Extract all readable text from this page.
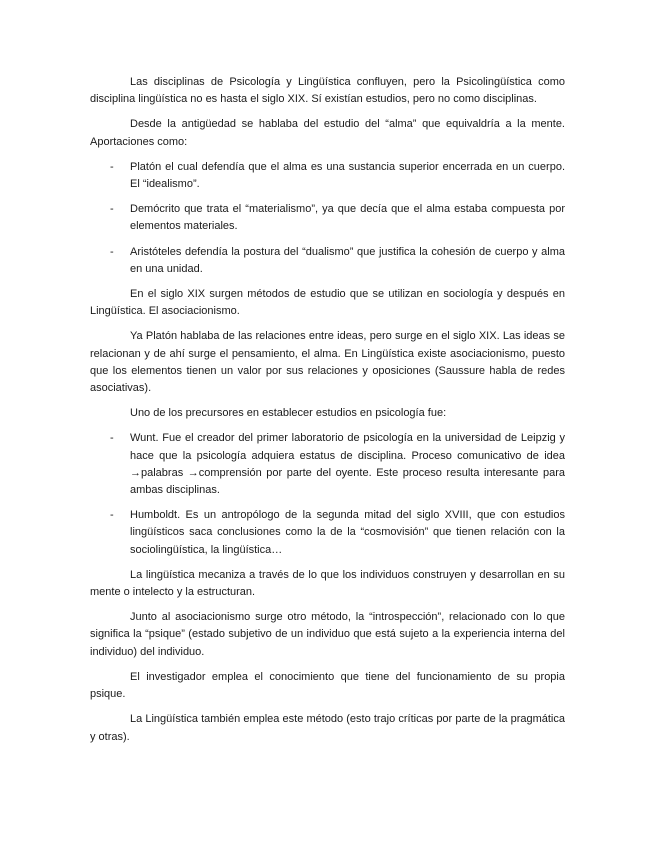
Las disciplinas de Psicología y Lingüística confluyen, pero la Psicolingüística como disciplina lingüística no es hasta el siglo XIX. Sí existían estudios, pero no como disciplinas.

Desde la antigüedad se hablaba del estudio del “alma” que equivaldría a la mente. Aportaciones como:

- Platón el cual defendía que el alma es una sustancia superior encerrada en un cuerpo. El “idealismo”.
- Demócrito que trata el “materialismo”, ya que decía que el alma estaba compuesta por elementos materiales.
- Aristóteles defendía la postura del “dualismo” que justifica la cohesión de cuerpo y alma en una unidad.

En el siglo XIX surgen métodos de estudio que se utilizan en sociología y después en Lingüística. El asociacionismo.

Ya Platón hablaba de las relaciones entre ideas, pero surge en el siglo XIX. Las ideas se relacionan y de ahí surge el pensamiento, el alma. En Lingüística existe asociacionismo, puesto que los elementos tienen un valor por sus relaciones y oposiciones (Saussure habla de redes asociativas).

Uno de los precursores en establecer estudios en psicología fue:

- Wunt. Fue el creador del primer laboratorio de psicología en la universidad de Leipzig y hace que la psicología adquiera estatus de disciplina. Proceso comunicativo de idea →palabras →comprensión por parte del oyente. Este proceso resulta interesante para ambas disciplinas.
- Humboldt. Es un antropólogo de la segunda mitad del siglo XVIII, que con estudios lingüísticos saca conclusiones como la de la “cosmovisión” que tienen relación con la sociolingüística, la lingüística…

La lingüística mecaniza a través de lo que los individuos construyen y desarrollan en su mente o intelecto y la estructuran.

Junto al asociacionismo surge otro método, la “introspección”, relacionado con lo que significa la “psique” (estado subjetivo de un individuo que está sujeto a la experiencia interna del individuo) del individuo.

El investigador emplea el conocimiento que tiene del funcionamiento de su propia psique.

La Lingüística también emplea este método (esto trajo críticas por parte de la pragmática y otras).
